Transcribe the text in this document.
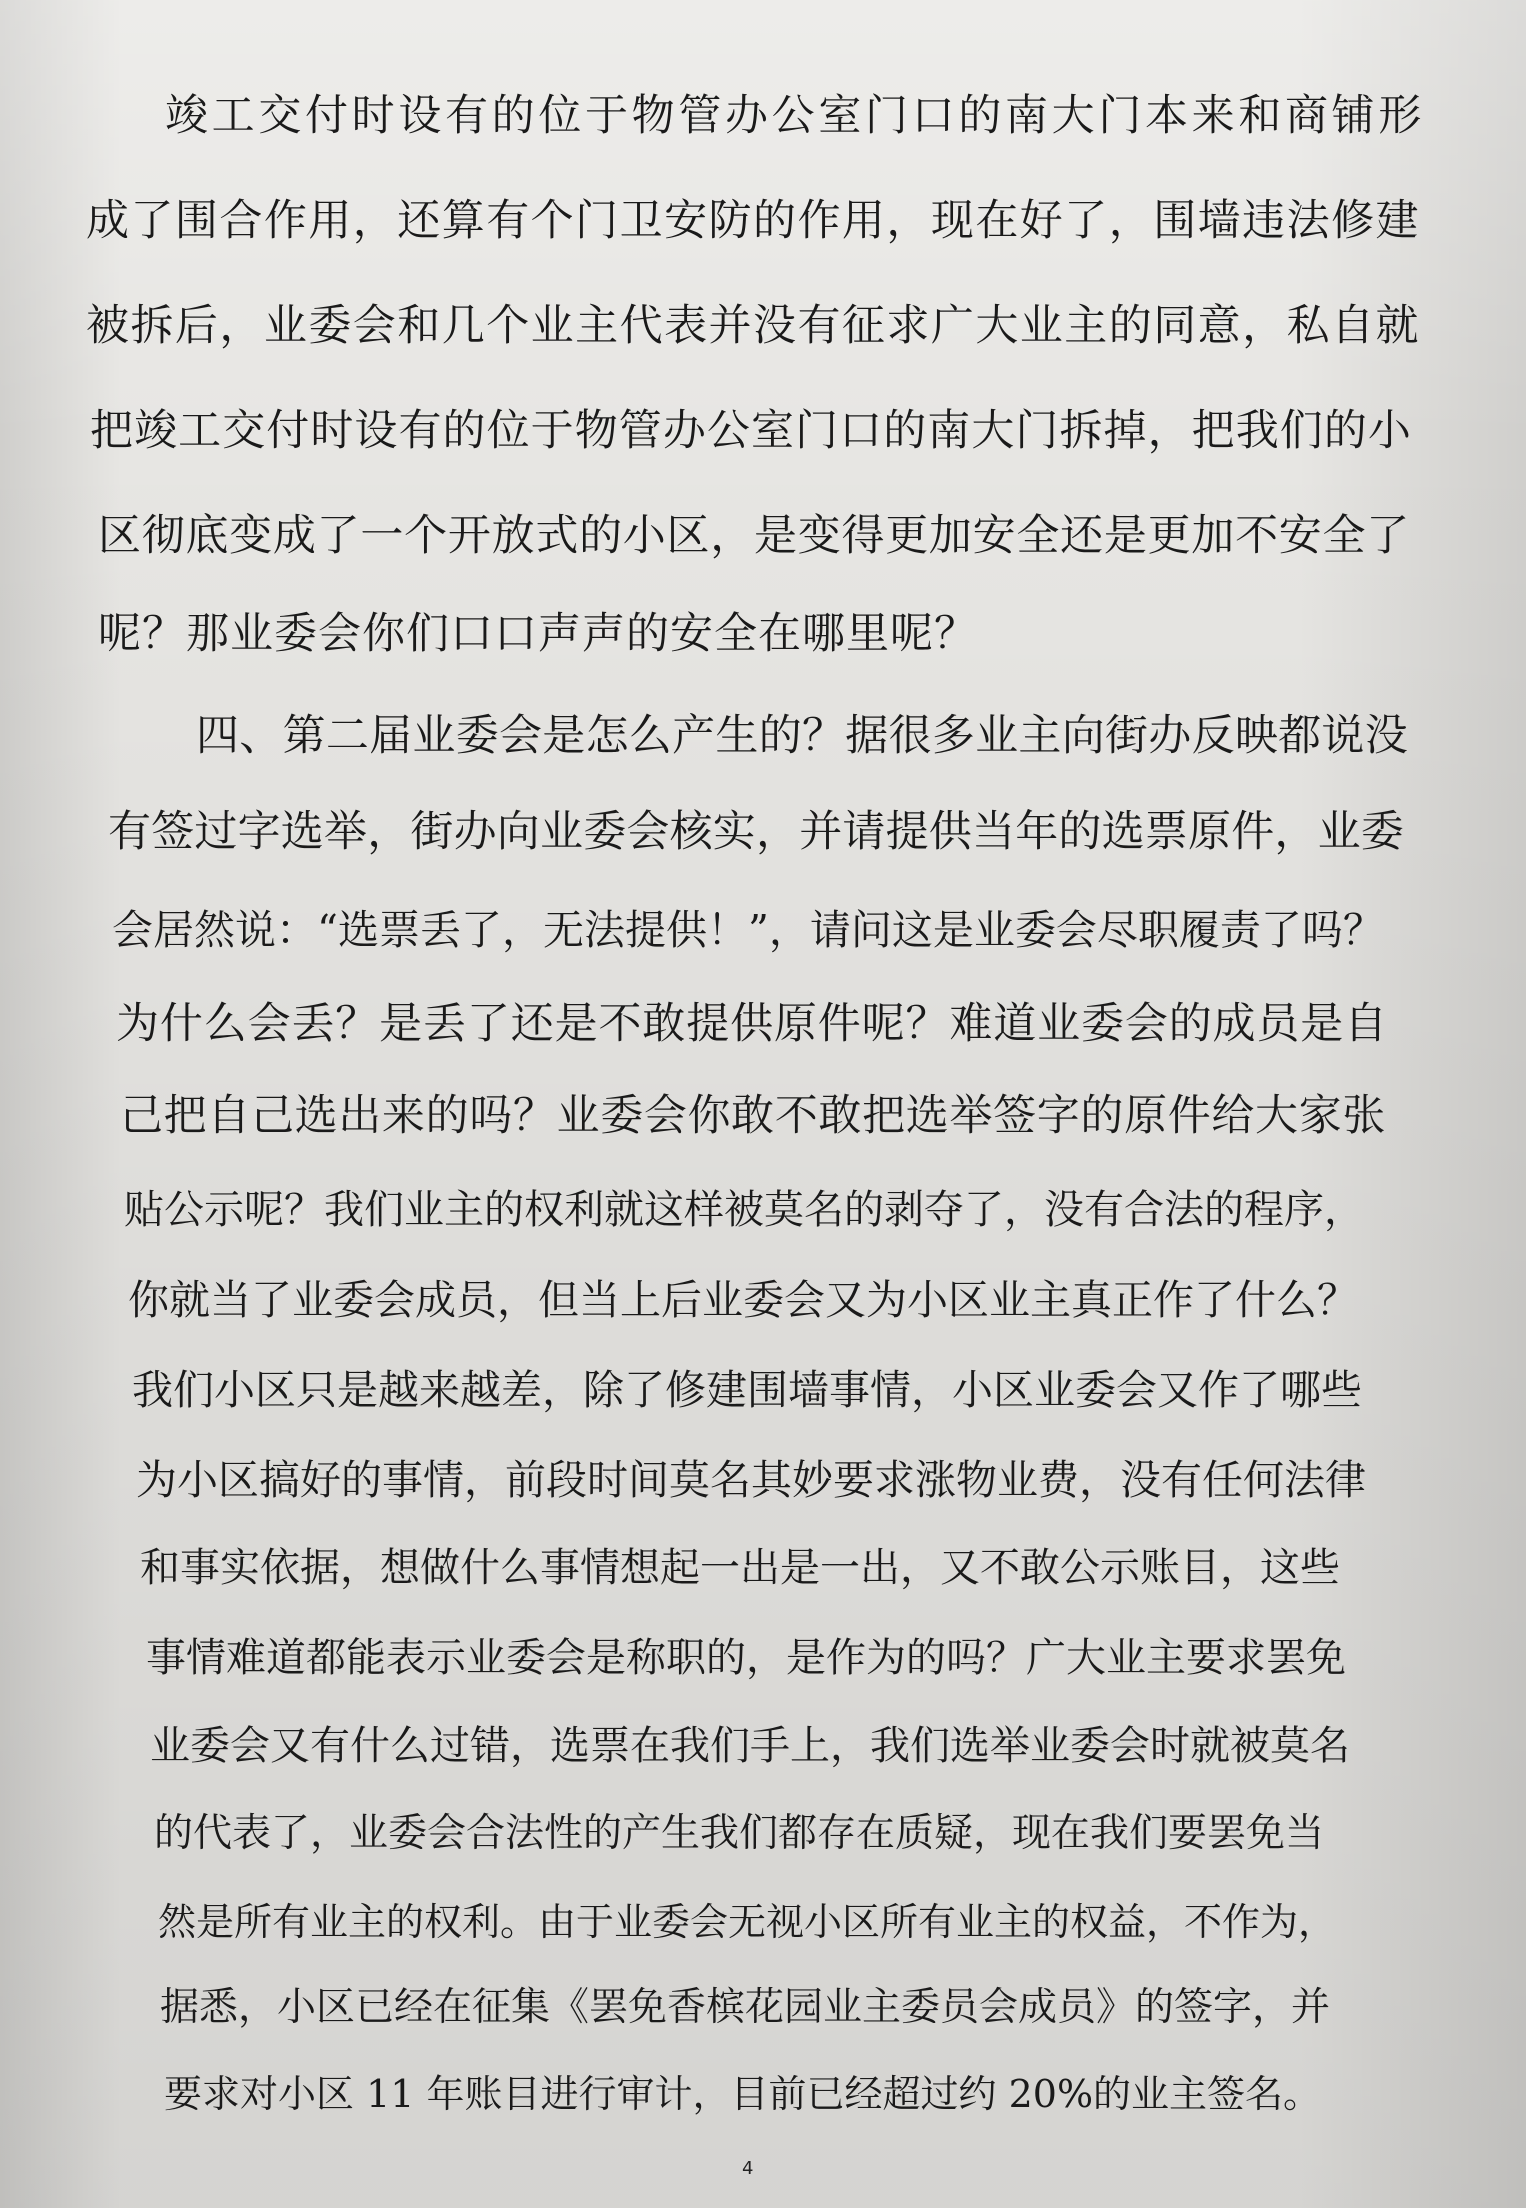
竣工交付时设有的位于物管办公室门口的南大门本来和商铺形

成了围合作用，还算有个门卫安防的作用，现在好了，围墙违法修建

被拆后，业委会和几个业主代表并没有征求广大业主的同意，私自就

把竣工交付时设有的位于物管办公室门口的南大门拆掉，把我们的小

区彻底变成了一个开放式的小区，是变得更加安全还是更加不安全了

呢？那业委会你们口口声声的安全在哪里呢？

四、第二届业委会是怎么产生的？据很多业主向街办反映都说没

有签过字选举，街办向业委会核实，并请提供当年的选票原件，业委

会居然说：“选票丢了，无法提供！”，请问这是业委会尽职履责了吗？

为什么会丢？是丢了还是不敢提供原件呢？难道业委会的成员是自

己把自己选出来的吗？业委会你敢不敢把选举签字的原件给大家张

贴公示呢？我们业主的权利就这样被莫名的剥夺了，没有合法的程序，

你就当了业委会成员，但当上后业委会又为小区业主真正作了什么？

我们小区只是越来越差，除了修建围墙事情，小区业委会又作了哪些

为小区搞好的事情，前段时间莫名其妙要求涨物业费，没有任何法律

和事实依据，想做什么事情想起一出是一出，又不敢公示账目，这些

事情难道都能表示业委会是称职的，是作为的吗？广大业主要求罢免

业委会又有什么过错，选票在我们手上，我们选举业委会时就被莫名

的代表了，业委会合法性的产生我们都存在质疑，现在我们要罢免当

然是所有业主的权利。由于业委会无视小区所有业主的权益，不作为，

据悉，小区已经在征集《罢免香槟花园业主委员会成员》的签字，并

要求对小区 11 年账目进行审计，目前已经超过约 20%的业主签名。

4
